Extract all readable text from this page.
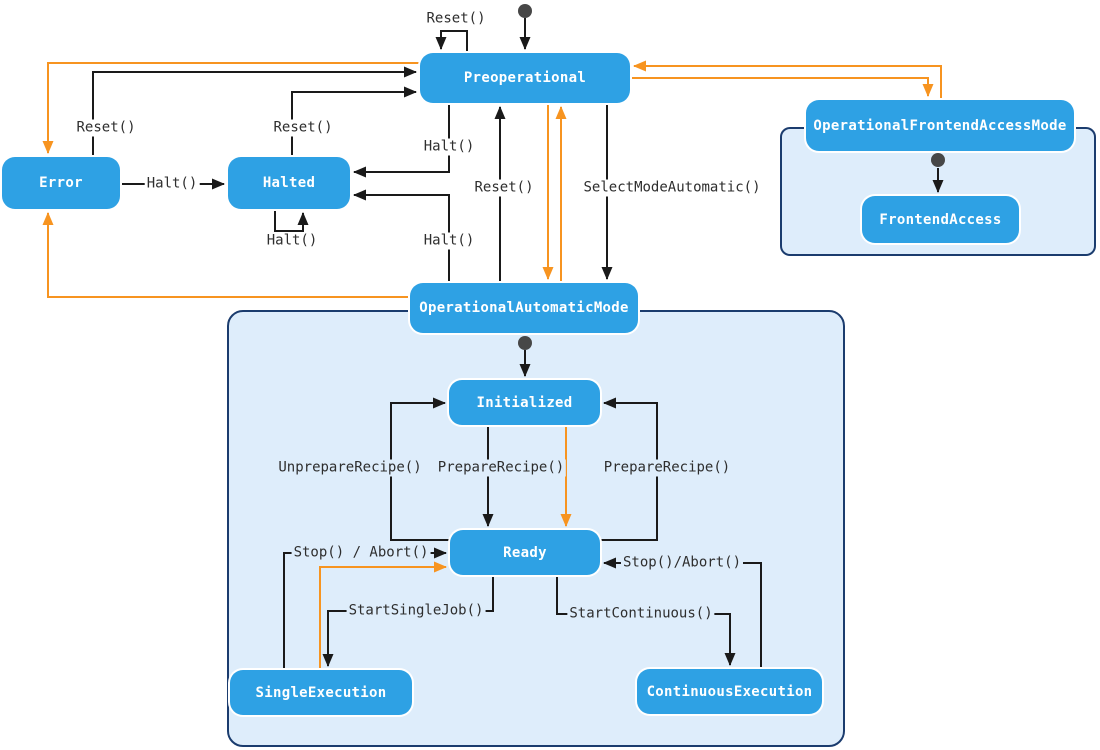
Reset()
Reset()	Reset()
Halt()
Halt()
Halt()
Halt()
Reset()	SelectModeAutomatic()
UnprepareRecipe() PrepareRecipe()	PrepareRecipe()
Stop() / Abort()
Stop()/Abort()
StartSingleJob()	StartContinuous()
Error	Halted
Preoperational
OperationalFrontendAccessMode
FrontendAccess
OperationalAutomaticMode
Initialized
Ready
SingleExecution	ContinuousExecution
